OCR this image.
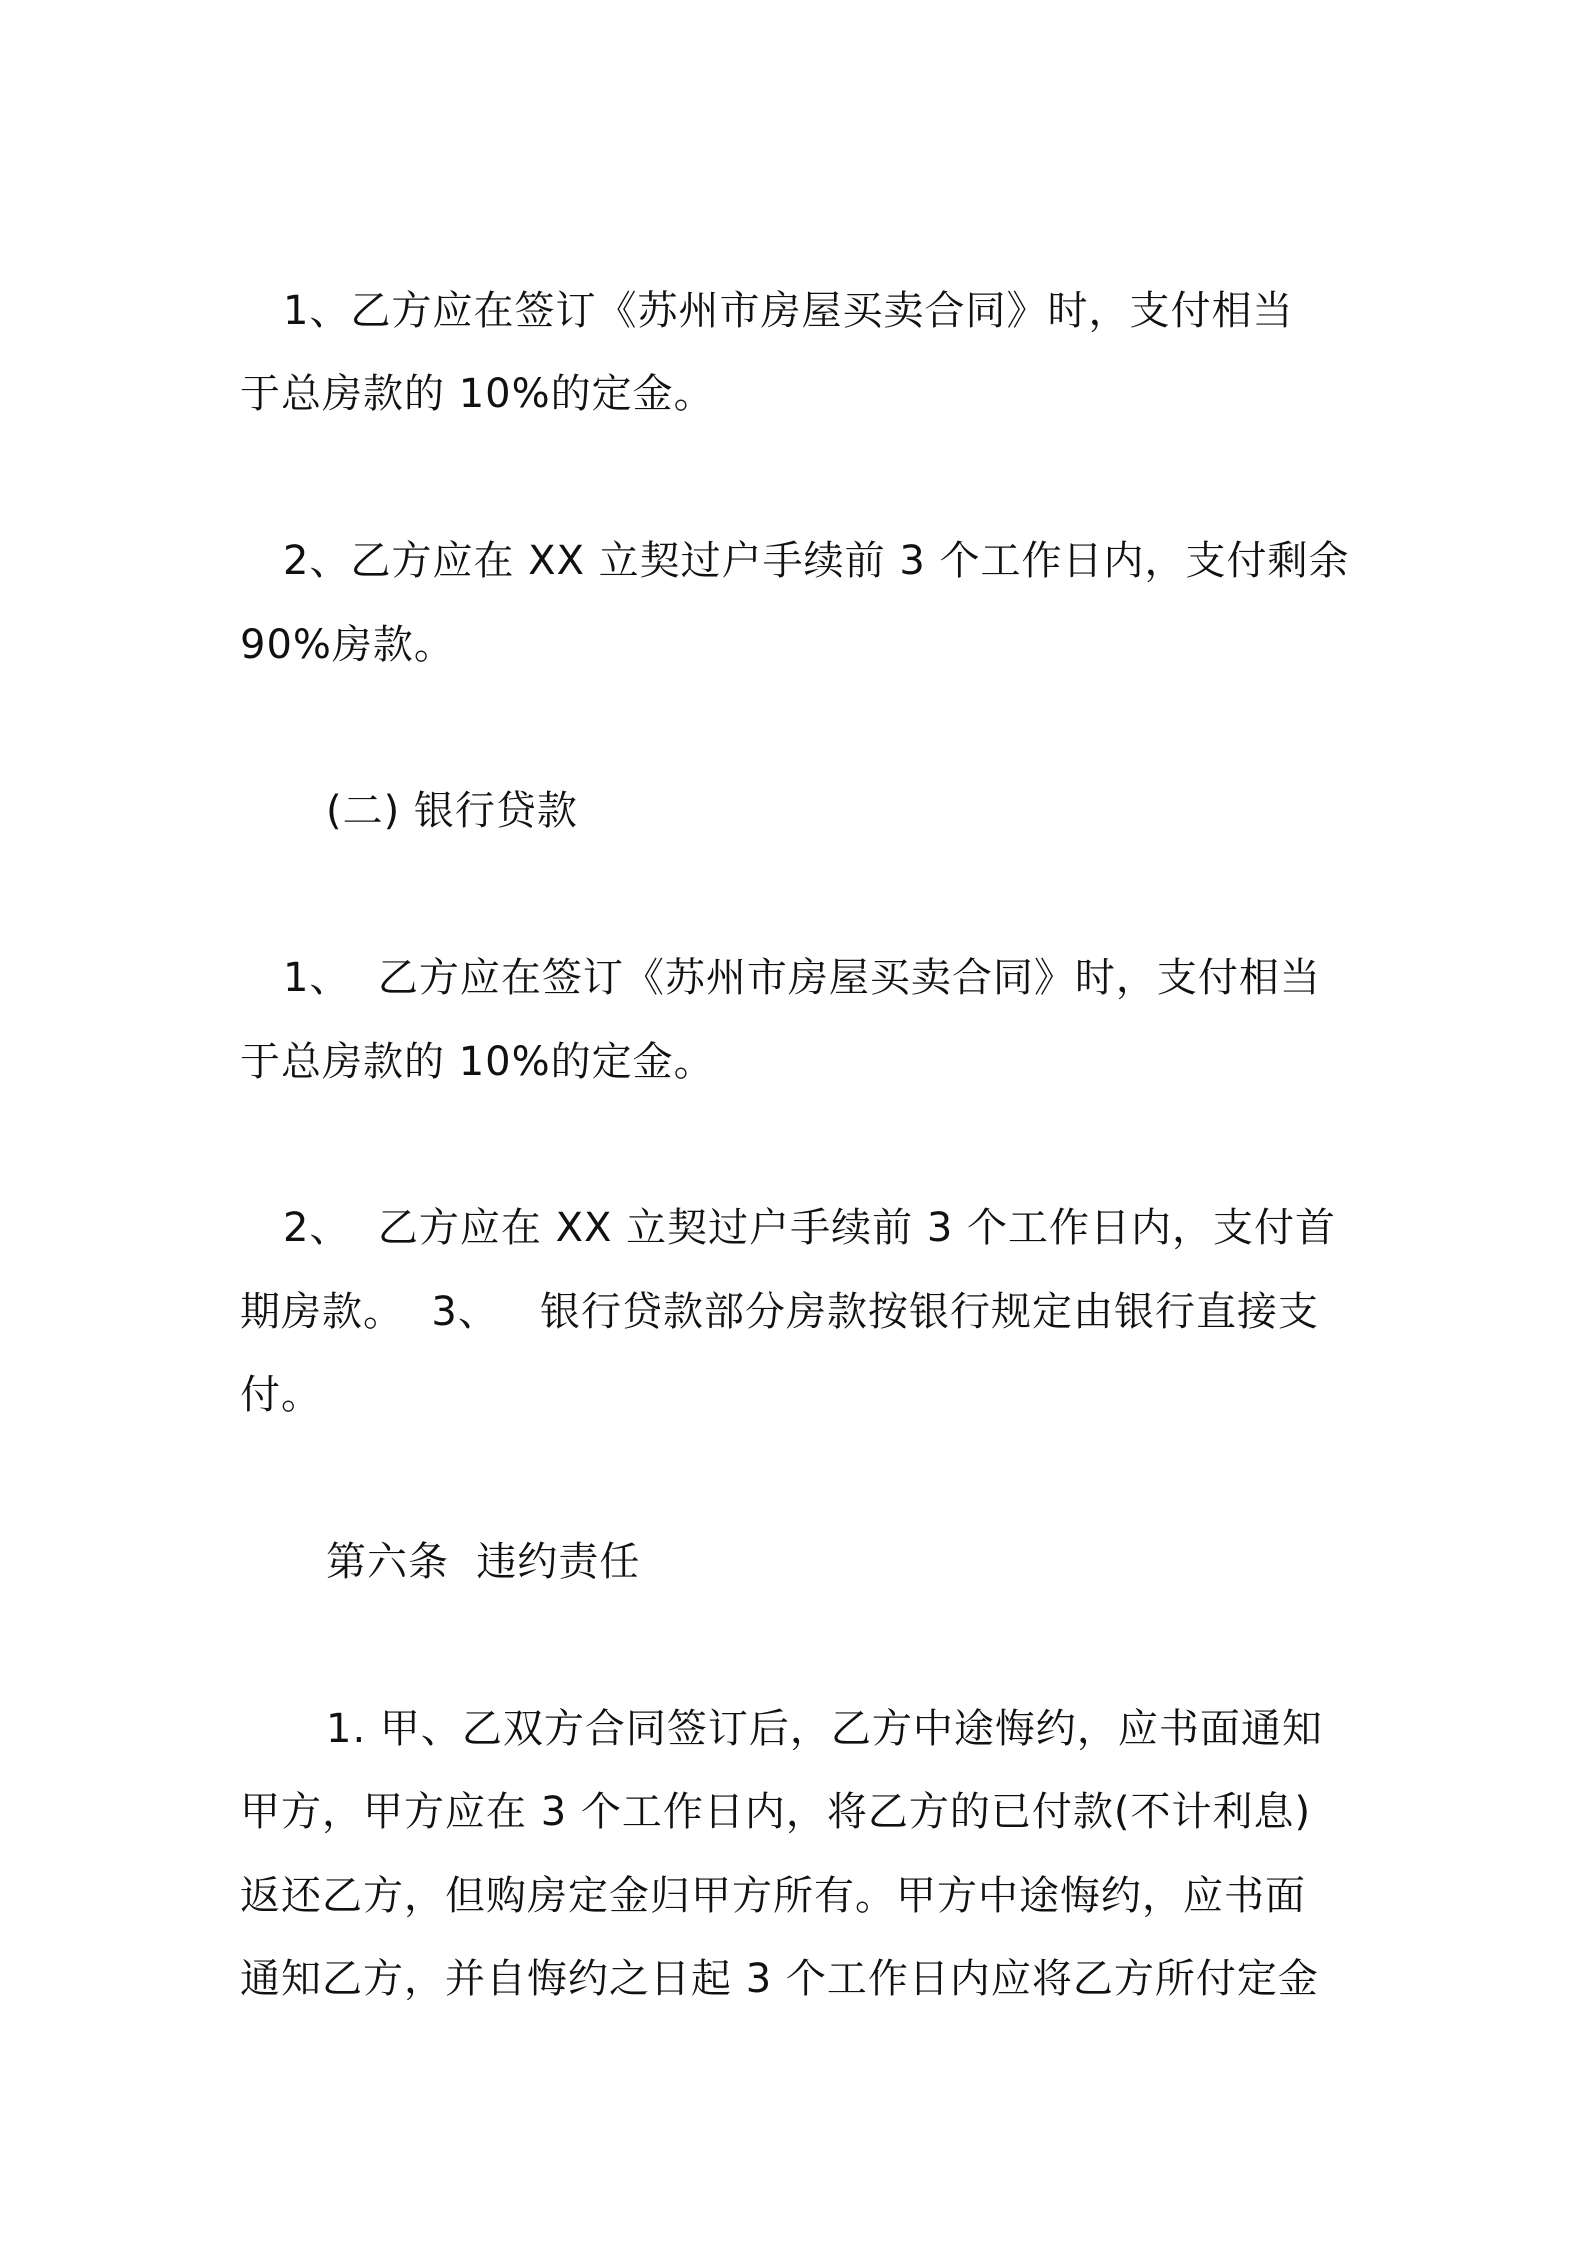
1、乙方应在签订《苏州市房屋买卖合同》时，支付相当
于总房款的 10%的定金。
2、乙方应在 XX 立契过户手续前 3 个工作日内，支付剩余
90%房款。
(二) 银行贷款
1、  乙方应在签订《苏州市房屋买卖合同》时，支付相当
于总房款的 10%的定金。
2、  乙方应在 XX 立契过户手续前 3 个工作日内，支付首
期房款。  3、   银行贷款部分房款按银行规定由银行直接支
付。
第六条  违约责任
1. 甲、乙双方合同签订后，乙方中途悔约，应书面通知
甲方，甲方应在 3 个工作日内，将乙方的已付款(不计利息)
返还乙方，但购房定金归甲方所有。甲方中途悔约，应书面
通知乙方，并自悔约之日起 3 个工作日内应将乙方所付定金
